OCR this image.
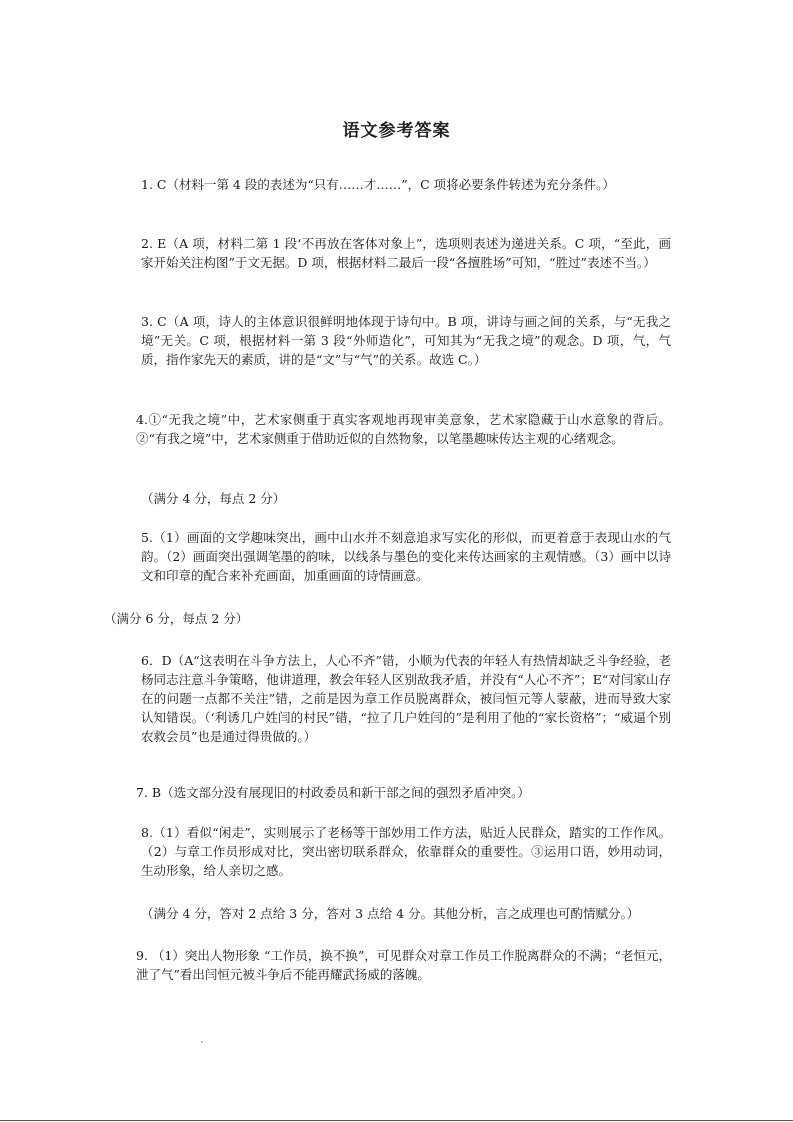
语文参考答案

1. C（材料一第 4 段的表述为“只有……才……”，C 项将必要条件转述为充分条件。）

2. E（A 项，材料二第 1 段‘不再放在客体对象上”，选项则表述为递进关系。C 项，“至此，画家开始关注构图”于文无据。D 项，根据材料二最后一段“各擅胜场”可知，“胜过”表述不当。）

3. C（A 项，诗人的主体意识很鲜明地体现于诗句中。B 项，讲诗与画之间的关系，与“无我之境”无关。C 项，根据材料一第 3 段“外师造化”，可知其为“无我之境”的观念。D 项，气，气质，指作家先天的素质，讲的是“文”与“气”的关系。故选 C。）

4.①“无我之境”中，艺术家侧重于真实客观地再现审美意象，艺术家隐藏于山水意象的背后。②“有我之境”中，艺术家侧重于借助近似的自然物象，以笔墨趣味传达主观的心绪观念。

（满分 4 分，每点 2 分）

5.（1）画面的文学趣味突出，画中山水并不刻意追求写实化的形似，而更着意于表现山水的气韵。（2）画面突出强调笔墨的韵味，以线条与墨色的变化来传达画家的主观情感。（3）画中以诗文和印章的配合来补充画面，加重画面的诗情画意。

（满分 6 分，每点 2 分）

6．D（A“这表明在斗争方法上，人心不齐”错，小顺为代表的年轻人有热情却缺乏斗争经验，老杨同志注意斗争策略，他讲道理，教会年轻人区别敌我矛盾，并没有“人心不齐”；E“对闫家山存在的问题一点都不关注”错，之前是因为章工作员脱离群众，被闫恒元等人蒙蔽，进而导致大家认知错误。（‘利诱几户姓闫的村民”错，“拉了几户姓闫的”是利用了他的“家长资格”；“威逼个别农救会员”也是通过得贵做的。）

7. B（选文部分没有展现旧的村政委员和新干部之间的强烈矛盾冲突。）

8.（1）看似“闲走”，实则展示了老杨等干部妙用工作方法，贴近人民群众，踏实的工作作风。（2）与章工作员形成对比，突出密切联系群众，依靠群众的重要性。③运用口语，妙用动词，生动形象，给人亲切之感。

（满分 4 分，答对 2 点给 3 分，答对 3 点给 4 分。其他分析，言之成理也可酌情赋分。）

9. （1）突出人物形象 “工作员，换不换”，可见群众对章工作员工作脱离群众的不满；“老恒元，泄了气”看出闫恒元被斗争后不能再耀武扬威的落魄。
